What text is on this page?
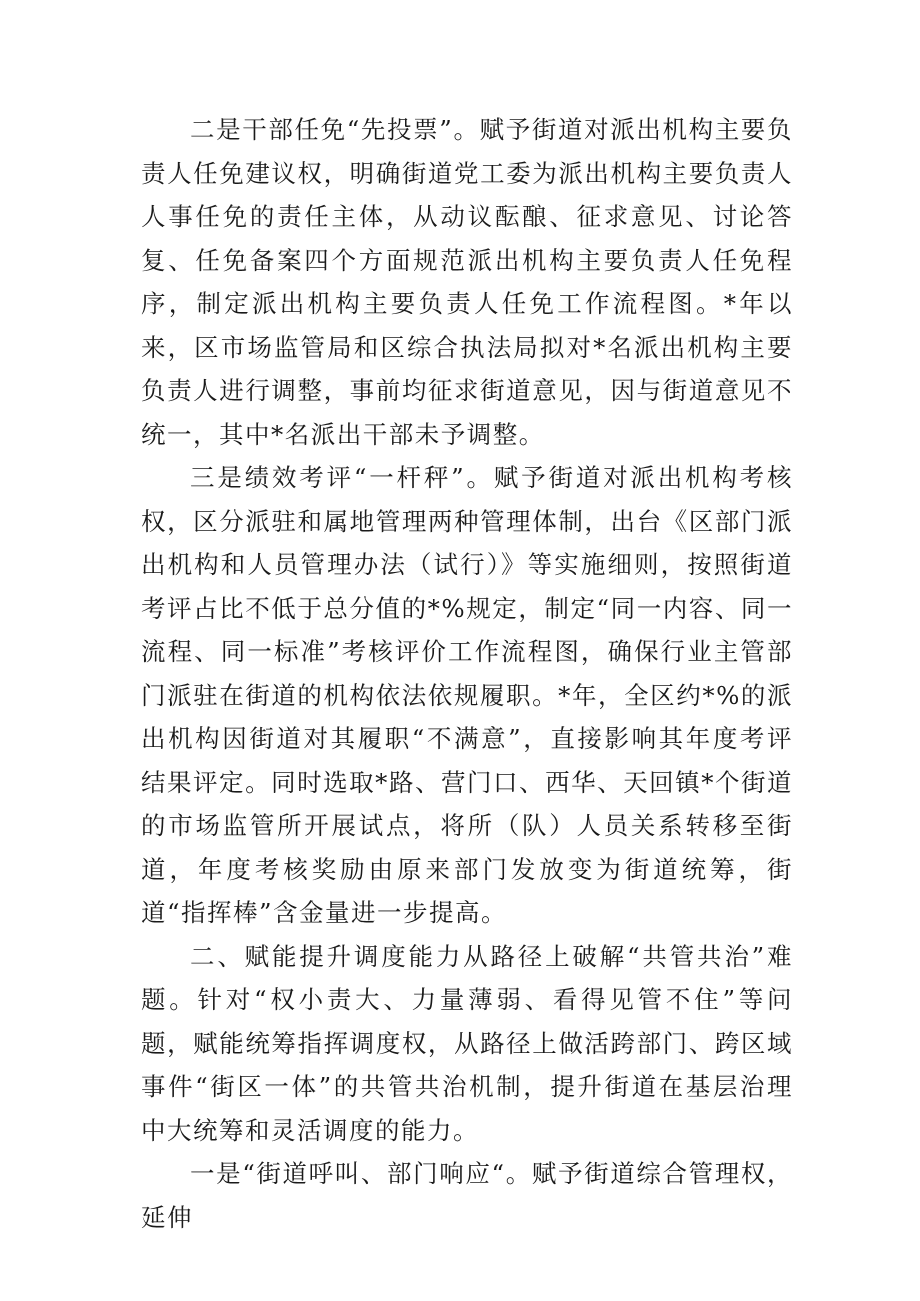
二是干部任免“先投票”。赋予街道对派出机构主要负责人任免建议权，明确街道党工委为派出机构主要负责人人事任免的责任主体，从动议酝酿、征求意见、讨论答复、任免备案四个方面规范派出机构主要负责人任免程序，制定派出机构主要负责人任免工作流程图。*年以来，区市场监管局和区综合执法局拟对*名派出机构主要负责人进行调整，事前均征求街道意见，因与街道意见不统一，其中*名派出干部未予调整。

三是绩效考评“一杆秤”。赋予街道对派出机构考核权，区分派驻和属地管理两种管理体制，出台《区部门派出机构和人员管理办法（试行）》等实施细则，按照街道考评占比不低于总分值的*%规定，制定“同一内容、同一流程、同一标准”考核评价工作流程图，确保行业主管部门派驻在街道的机构依法依规履职。*年，全区约*%的派出机构因街道对其履职“不满意”，直接影响其年度考评结果评定。同时选取*路、营门口、西华、天回镇*个街道的市场监管所开展试点，将所（队）人员关系转移至街道，年度考核奖励由原来部门发放变为街道统筹，街道“指挥棒”含金量进一步提高。

二、赋能提升调度能力从路径上破解“共管共治”难题。针对“权小责大、力量薄弱、看得见管不住”等问题，赋能统筹指挥调度权，从路径上做活跨部门、跨区域事件“街区一体”的共管共治机制，提升街道在基层治理中大统筹和灵活调度的能力。

一是“街道呼叫、部门响应“。赋予街道综合管理权，延伸
